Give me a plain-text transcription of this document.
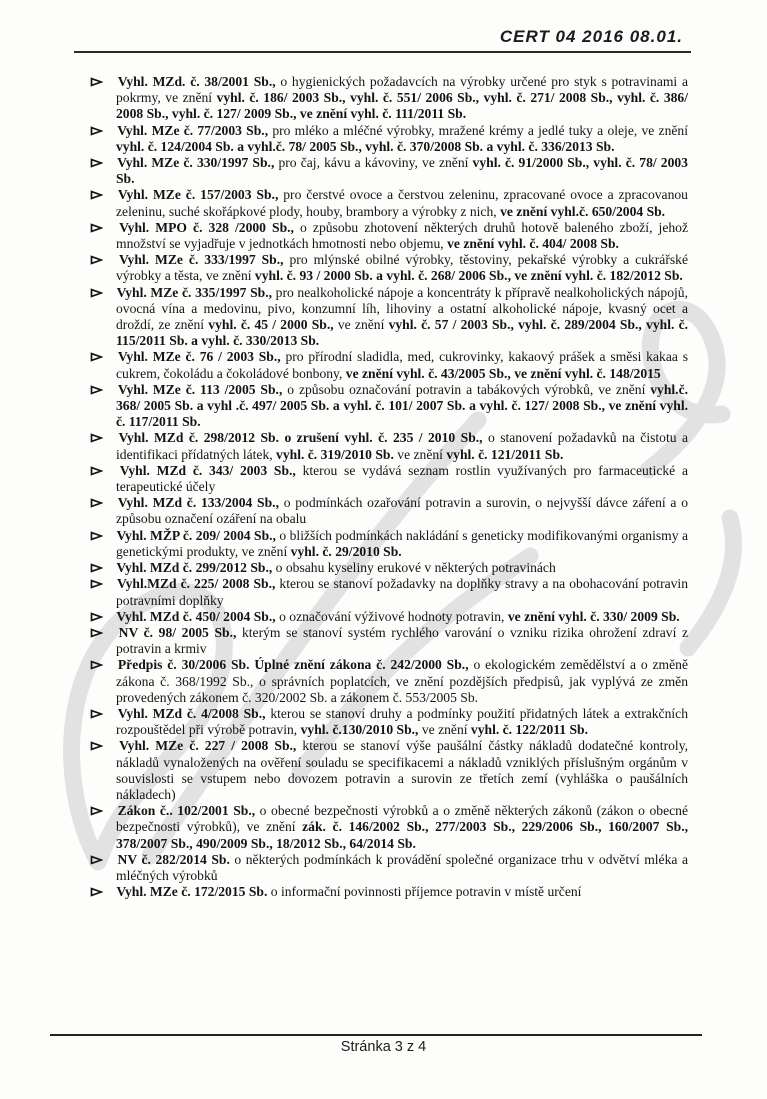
CERT 04 2016 08.01.
Vyhl. MZd. č. 38/2001 Sb., o hygienických požadavcích na výrobky určené pro styk s potravinami a pokrmy, ve znění vyhl. č. 186/ 2003 Sb., vyhl. č. 551/ 2006 Sb., vyhl. č. 271/ 2008 Sb., vyhl. č. 386/ 2008 Sb., vyhl. č. 127/ 2009 Sb., ve znění vyhl. č. 111/2011 Sb.
Vyhl. MZe č. 77/2003 Sb., pro mléko a mléčné výrobky, mražené krémy a jedlé tuky a oleje, ve znění vyhl. č. 124/2004 Sb. a vyhl.č. 78/ 2005 Sb., vyhl. č. 370/2008 Sb. a vyhl. č. 336/2013 Sb.
Vyhl. MZe č. 330/1997 Sb., pro čaj, kávu a kávoviny, ve znění vyhl. č. 91/2000 Sb., vyhl. č. 78/ 2003 Sb.
Vyhl. MZe č. 157/2003 Sb., pro čerstvé ovoce a čerstvou zeleninu, zpracované ovoce a zpracovanou zeleninu, suché skořápkové plody, houby, brambory a výrobky z nich, ve znění vyhl.č. 650/2004 Sb.
Vyhl. MPO č. 328 /2000 Sb., o způsobu zhotovení některých druhů hotově baleného zboží, jehož množství se vyjadřuje v jednotkách hmotnosti nebo objemu, ve znění vyhl. č. 404/ 2008 Sb.
Vyhl. MZe č. 333/1997 Sb., pro mlýnské obilné výrobky, těstoviny, pekařské výrobky a cukrářské výrobky a těsta, ve znění vyhl. č. 93 / 2000 Sb. a vyhl. č. 268/ 2006 Sb., ve znění vyhl. č. 182/2012 Sb.
Vyhl. MZe č. 335/1997 Sb., pro nealkoholické nápoje a koncentráty k přípravě nealkoholických nápojů, ovocná vína a medovinu, pivo, konzumní líh, lihoviny a ostatní alkoholické nápoje, kvasný ocet a droždí, ze znění vyhl. č. 45 / 2000 Sb., ve znění vyhl. č. 57 / 2003 Sb., vyhl. č. 289/2004 Sb., vyhl. č. 115/2011 Sb. a vyhl. č. 330/2013 Sb.
Vyhl. MZe č. 76 / 2003 Sb., pro přírodní sladidla, med, cukrovinky, kakaový prášek a směsi kakaa s cukrem, čokoládu a čokoládové bonbony, ve znění vyhl. č. 43/2005 Sb., ve znění vyhl. č. 148/2015
Vyhl. MZe č. 113 /2005 Sb., o způsobu označování potravin a tabákových výrobků, ve znění vyhl.č. 368/ 2005 Sb. a vyhl .č. 497/ 2005 Sb. a vyhl. č. 101/ 2007 Sb. a vyhl. č. 127/ 2008 Sb., ve znění vyhl. č. 117/2011 Sb.
Vyhl. MZd č. 298/2012 Sb. o zrušení vyhl. č. 235 / 2010 Sb., o stanovení požadavků na čistotu a identifikaci přídatných látek, vyhl. č. 319/2010 Sb. ve znění vyhl. č. 121/2011 Sb.
Vyhl. MZd č. 343/ 2003 Sb., kterou se vydává seznam rostlin využívaných pro farmaceutické a terapeutické účely
Vyhl. MZd č. 133/2004 Sb., o podmínkách ozařování potravin a surovin, o nejvyšší dávce záření a o způsobu označení ozáření na obalu
Vyhl. MŽP č. 209/ 2004 Sb., o bližších podmínkách nakládání s geneticky modifikovanými organismy a genetickými produkty, ve znění vyhl. č. 29/2010 Sb.
Vyhl. MZd č. 299/2012 Sb., o obsahu kyseliny erukové v některých potravinách
Vyhl.MZd č. 225/ 2008 Sb., kterou se stanoví požadavky na doplňky stravy a na obohacování potravin potravními doplňky
Vyhl. MZd č. 450/ 2004 Sb., o označování výživové hodnoty potravin, ve znění vyhl. č. 330/ 2009 Sb.
NV č. 98/ 2005 Sb., kterým se stanoví systém rychlého varování o vzniku rizika ohrožení zdraví z potravin a krmiv
Předpis č. 30/2006 Sb. Úplné znění zákona č. 242/2000 Sb., o ekologickém zemědělství a o změně zákona č. 368/1992 Sb., o správních poplatcích, ve znění pozdějších předpisů, jak vyplývá ze změn provedených zákonem č. 320/2002 Sb. a zákonem č. 553/2005 Sb.
Vyhl. MZd č. 4/2008 Sb., kterou se stanoví druhy a podmínky použití přidatných látek a extrakčních rozpouštědel při výrobě potravin, vyhl. č.130/2010 Sb., ve znění vyhl. č. 122/2011 Sb.
Vyhl. MZe č. 227 / 2008 Sb., kterou se stanoví výše paušální částky nákladů dodatečné kontroly, nákladů vynaložených na ověření souladu se specifikacemi a nákladů vzniklých příslušným orgánům v souvislosti se vstupem nebo dovozem potravin a surovin ze třetích zemí (vyhláška o paušálních nákladech)
Zákon č.. 102/2001 Sb., o obecné bezpečnosti výrobků a o změně některých zákonů (zákon o obecné bezpečnosti výrobků), ve znění zák. č. 146/2002 Sb., 277/2003 Sb., 229/2006 Sb., 160/2007 Sb., 378/2007 Sb., 490/2009 Sb., 18/2012 Sb., 64/2014 Sb.
NV č. 282/2014 Sb. o některých podmínkách k provádění společné organizace trhu v odvětví mléka a mléčných výrobků
Vyhl. MZe č. 172/2015 Sb. o informační povinnosti příjemce potravin v místě určení
Stránka 3 z 4
